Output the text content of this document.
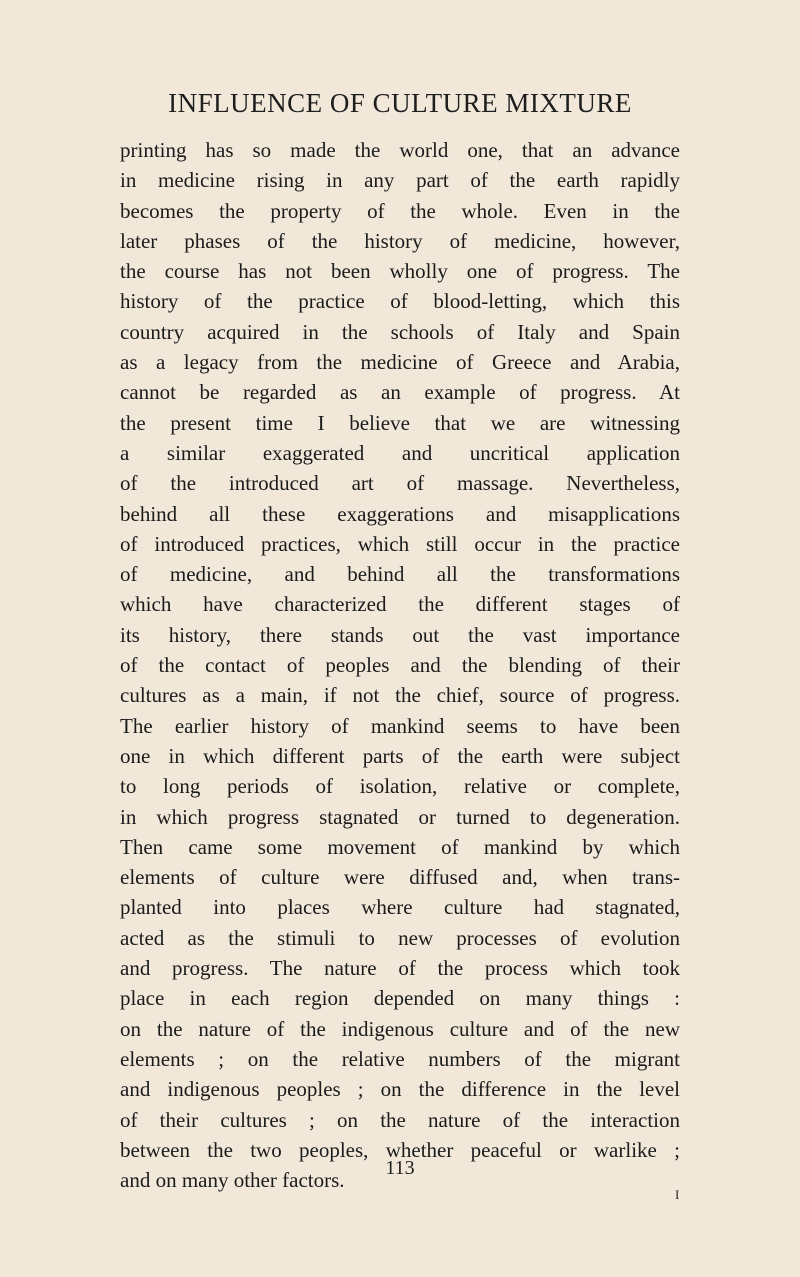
INFLUENCE OF CULTURE MIXTURE
printing has so made the world one, that an advance
in medicine rising in any part of the earth rapidly
becomes the property of the whole. Even in the
later phases of the history of medicine, however,
the course has not been wholly one of progress. The
history of the practice of blood-letting, which this
country acquired in the schools of Italy and Spain
as a legacy from the medicine of Greece and Arabia,
cannot be regarded as an example of progress. At
the present time I believe that we are witnessing
a similar exaggerated and uncritical application
of the introduced art of massage. Nevertheless,
behind all these exaggerations and misapplications
of introduced practices, which still occur in the practice
of medicine, and behind all the transformations
which have characterized the different stages of
its history, there stands out the vast importance
of the contact of peoples and the blending of their
cultures as a main, if not the chief, source of progress.
The earlier history of mankind seems to have been
one in which different parts of the earth were subject
to long periods of isolation, relative or complete,
in which progress stagnated or turned to degeneration.
Then came some movement of mankind by which
elements of culture were diffused and, when trans-
planted into places where culture had stagnated,
acted as the stimuli to new processes of evolution
and progress. The nature of the process which took
place in each region depended on many things :
on the nature of the indigenous culture and of the new
elements ; on the relative numbers of the migrant
and indigenous peoples ; on the difference in the level
of their cultures ; on the nature of the interaction
between the two peoples, whether peaceful or warlike ;
and on many other factors.
113
I
